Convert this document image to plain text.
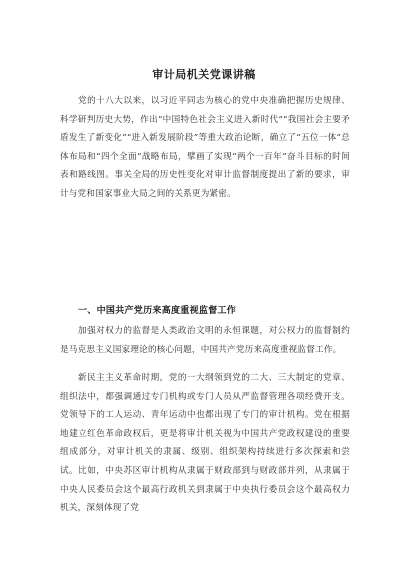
审计局机关党课讲稿

党的十八大以来，以习近平同志为核心的党中央准确把握历史规律、科学研判历史大势，作出“中国特色社会主义进入新时代”“我国社会主要矛盾发生了新变化”“进入新发展阶段”等重大政治论断，确立了“五位一体”总体布局和“四个全面”战略布局，擘画了实现“两个一百年”奋斗目标的时间表和路线图。事关全局的历史性变化对审计监督制度提出了新的要求，审计与党和国家事业大局之间的关系更为紧密。

一、中国共产党历来高度重视监督工作

加强对权力的监督是人类政治文明的永恒课题，对公权力的监督制约是马克思主义国家理论的核心问题，中国共产党历来高度重视监督工作。

新民主主义革命时期，党的一大纲领到党的二大、三大制定的党章、组织法中，都强调通过专门机构或专门人员从严监督管理各项经费开支。党领导下的工人运动、青年运动中也都出现了专门的审计机构。党在根据地建立红色革命政权后，更是将审计机关视为中国共产党政权建设的重要组成部分，对审计机关的隶属、级别、组织架构持续进行多次探索和尝试。比如，中央苏区审计机构从隶属于财政部到与财政部并列，从隶属于中央人民委员会这个最高行政机关到隶属于中央执行委员会这个最高权力机关，深刻体现了党
